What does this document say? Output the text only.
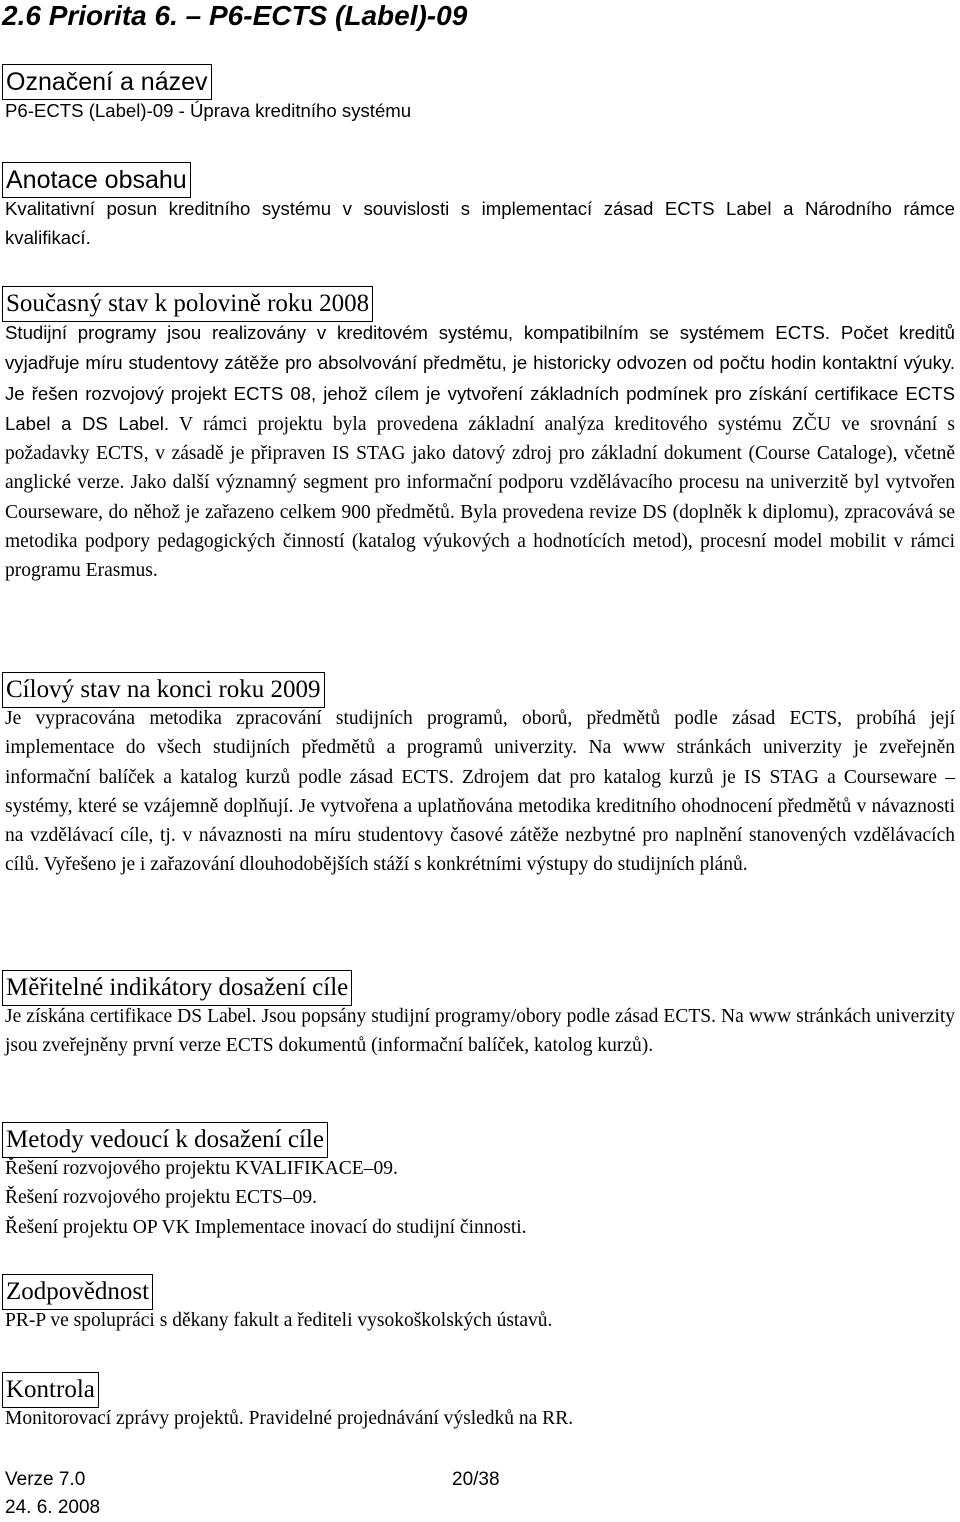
2.6 Priorita 6. – P6-ECTS (Label)-09
Označení a název

P6-ECTS (Label)-09 - Úprava kreditního systému

Anotace obsahu

Kvalitativní posun kreditního systému v souvislosti s implementací zásad ECTS Label a Národního rámce kvalifikací.

Současný stav k polovině roku 2008

Studijní programy jsou realizovány v kreditovém systému, kompatibilním se systémem ECTS. Počet kreditů vyjadřuje míru studentovy zátěže pro absolvování předmětu, je historicky odvozen od počtu hodin kontaktní výuky. Je řešen rozvojový projekt ECTS 08, jehož cílem je vytvoření základních podmínek pro získání certifikace ECTS Label a DS Label. V rámci projektu byla provedena základní analýza kreditového systému ZČU ve srovnání s požadavky ECTS, v zásadě je připraven IS STAG jako datový zdroj pro základní dokument (Course Cataloge), včetně anglické verze. Jako další významný segment pro informační podporu vzdělávacího procesu na univerzitě byl vytvořen Courseware, do něhož je zařazeno celkem 900 předmětů. Byla provedena revize DS (doplněk k diplomu), zpracovává se metodika podpory pedagogických činností (katalog výukových a hodnotících metod), procesní model mobilit v rámci programu Erasmus.

Cílový stav na konci roku 2009

Je vypracována metodika zpracování studijních programů, oborů, předmětů podle zásad ECTS, probíhá její implementace do všech studijních předmětů a programů univerzity. Na www stránkách univerzity je zveřejněn informační balíček a katalog kurzů podle zásad ECTS. Zdrojem dat pro katalog kurzů je IS STAG a Courseware – systémy, které se vzájemně doplňují. Je vytvořena a uplatňována metodika kreditního ohodnocení předmětů v návaznosti na vzdělávací cíle, tj. v návaznosti na míru studentovy časové zátěže nezbytné pro naplnění stanovených vzdělávacích cílů. Vyřešeno je i zařazování dlouhodobějších stáží s konkrétními výstupy do studijních plánů.

Měřitelné indikátory dosažení cíle

Je získána certifikace DS Label. Jsou popsány studijní programy/obory podle zásad ECTS. Na www stránkách univerzity jsou zveřejněny první verze ECTS dokumentů (informační balíček, katolog kurzů).

Metody vedoucí k dosažení cíle

Řešení rozvojového projektu KVALIFIKACE–09.

Řešení rozvojového projektu ECTS–09.

Řešení projektu OP VK Implementace inovací do studijní činnosti.

Zodpovědnost

PR-P ve spolupráci s děkany fakult a řediteli vysokoškolských ústavů.

Kontrola

Monitorovací zprávy projektů. Pravidelné projednávání výsledků na RR.

Verze 7.0
24. 6. 2008
20/38
